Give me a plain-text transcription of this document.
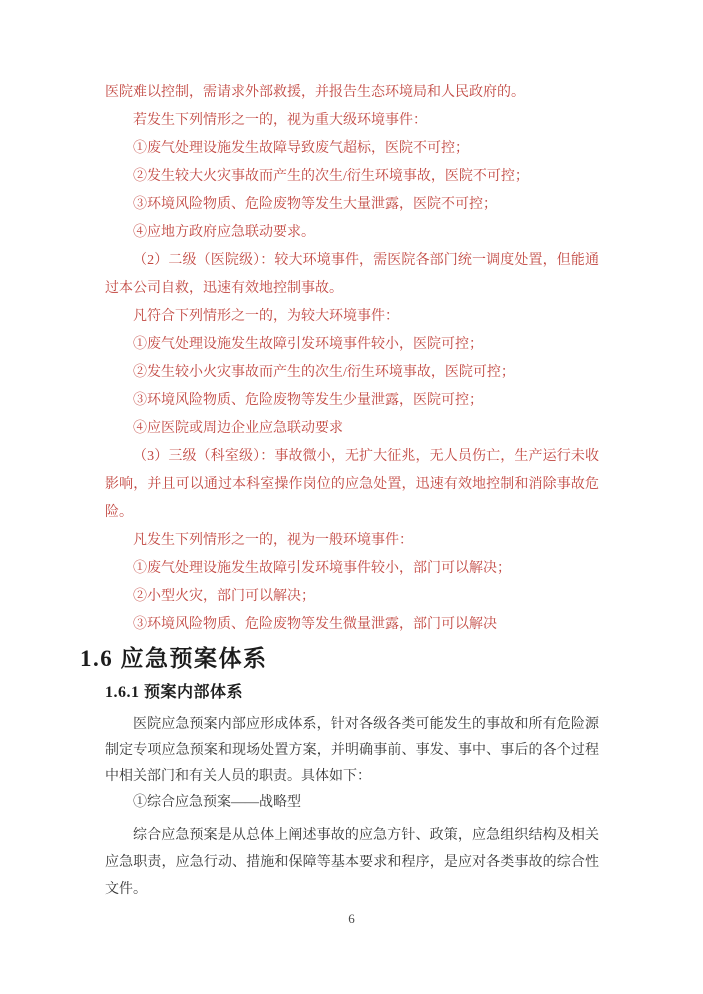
医院难以控制，需请求外部救援，并报告生态环境局和人民政府的。

若发生下列情形之一的，视为重大级环境事件：

①废气处理设施发生故障导致废气超标，医院不可控；

②发生较大火灾事故而产生的次生/衍生环境事故，医院不可控；

③环境风险物质、危险废物等发生大量泄露，医院不可控；

④应地方政府应急联动要求。

（2）二级（医院级）：较大环境事件，需医院各部门统一调度处置，但能通过本公司自救，迅速有效地控制事故。

凡符合下列情形之一的，为较大环境事件：

①废气处理设施发生故障引发环境事件较小，医院可控；

②发生较小火灾事故而产生的次生/衍生环境事故，医院可控；

③环境风险物质、危险废物等发生少量泄露，医院可控；

④应医院或周边企业应急联动要求

（3）三级（科室级）：事故微小，无扩大征兆，无人员伤亡，生产运行未收影响，并且可以通过本科室操作岗位的应急处置，迅速有效地控制和消除事故危险。

凡发生下列情形之一的，视为一般环境事件：

①废气处理设施发生故障引发环境事件较小，部门可以解决；

②小型火灾，部门可以解决；

③环境风险物质、危险废物等发生微量泄露，部门可以解决

1.6 应急预案体系
1.6.1 预案内部体系

医院应急预案内部应形成体系，针对各级各类可能发生的事故和所有危险源制定专项应急预案和现场处置方案，并明确事前、事发、事中、事后的各个过程中相关部门和有关人员的职责。具体如下：

①综合应急预案——战略型

综合应急预案是从总体上阐述事故的应急方针、政策，应急组织结构及相关应急职责，应急行动、措施和保障等基本要求和程序，是应对各类事故的综合性文件。

6
